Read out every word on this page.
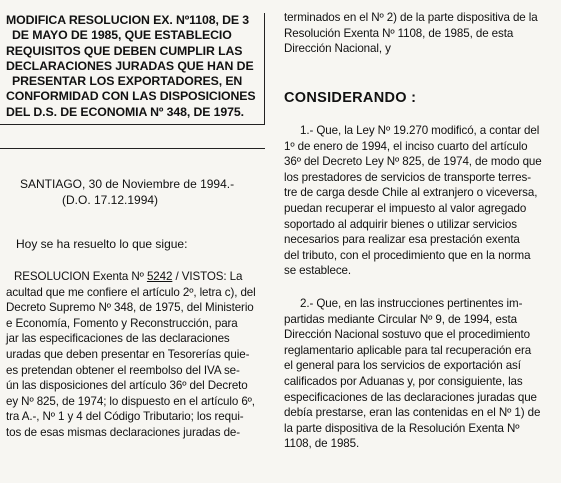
MODIFICA RESOLUCION EX. Nº1108, DE 3
DE MAYO DE 1985, QUE ESTABLECIO
REQUISITOS QUE DEBEN CUMPLIR LAS
DECLARACIONES JURADAS QUE HAN DE
PRESENTAR LOS EXPORTADORES, EN
CONFORMIDAD CON LAS DISPOSICIONES
DEL D.S. DE ECONOMIA Nº 348, DE 1975.
SANTIAGO, 30 de Noviembre de 1994.-
(D.O. 17.12.1994)
Hoy se ha resuelto lo que sigue:
RESOLUCION Exenta Nº 5242 / VISTOS: La
acultad que me confiere el artículo 2º, letra c), del
Decreto Supremo Nº 348, de 1975, del Ministerio
e Economía, Fomento y Reconstrucción, para
jar las especificaciones de las declaraciones
uradas que deben presentar en Tesorerías quie-
es pretendan obtener el reembolso del IVA se-
ún las disposiciones del artículo 36º del Decreto
ey Nº 825, de 1974; lo dispuesto en el artículo 6º,
tra A.-, Nº 1 y 4 del Código Tributario; los requi-
tos de esas mismas declaraciones juradas de-
terminados en el Nº 2) de la parte dispositiva de la
Resolución Exenta Nº 1108, de 1985, de esta
Dirección Nacional, y
CONSIDERANDO :
1.- Que, la Ley Nº 19.270 modificó, a contar del
1º de enero de 1994, el inciso cuarto del artículo
36º del Decreto Ley Nº 825, de 1974, de modo que
los prestadores de servicios de transporte terres-
tre de carga desde Chile al extranjero o viceversa,
puedan recuperar el impuesto al valor agregado
soportado al adquirir bienes o utilizar servicios
necesarios para realizar esa prestación exenta
del tributo, con el procedimiento que en la norma
se establece.
2.- Que, en las instrucciones pertinentes im-
partidas mediante Circular Nº 9, de 1994, esta
Dirección Nacional sostuvo que el procedimiento
reglamentario aplicable para tal recuperación era
el general para los servicios de exportación así
calificados por Aduanas y, por consiguiente, las
especificaciones de las declaraciones juradas que
debía prestarse, eran las contenidas en el Nº 1) de
la parte dispositiva de la Resolución Exenta Nº
1108, de 1985.
